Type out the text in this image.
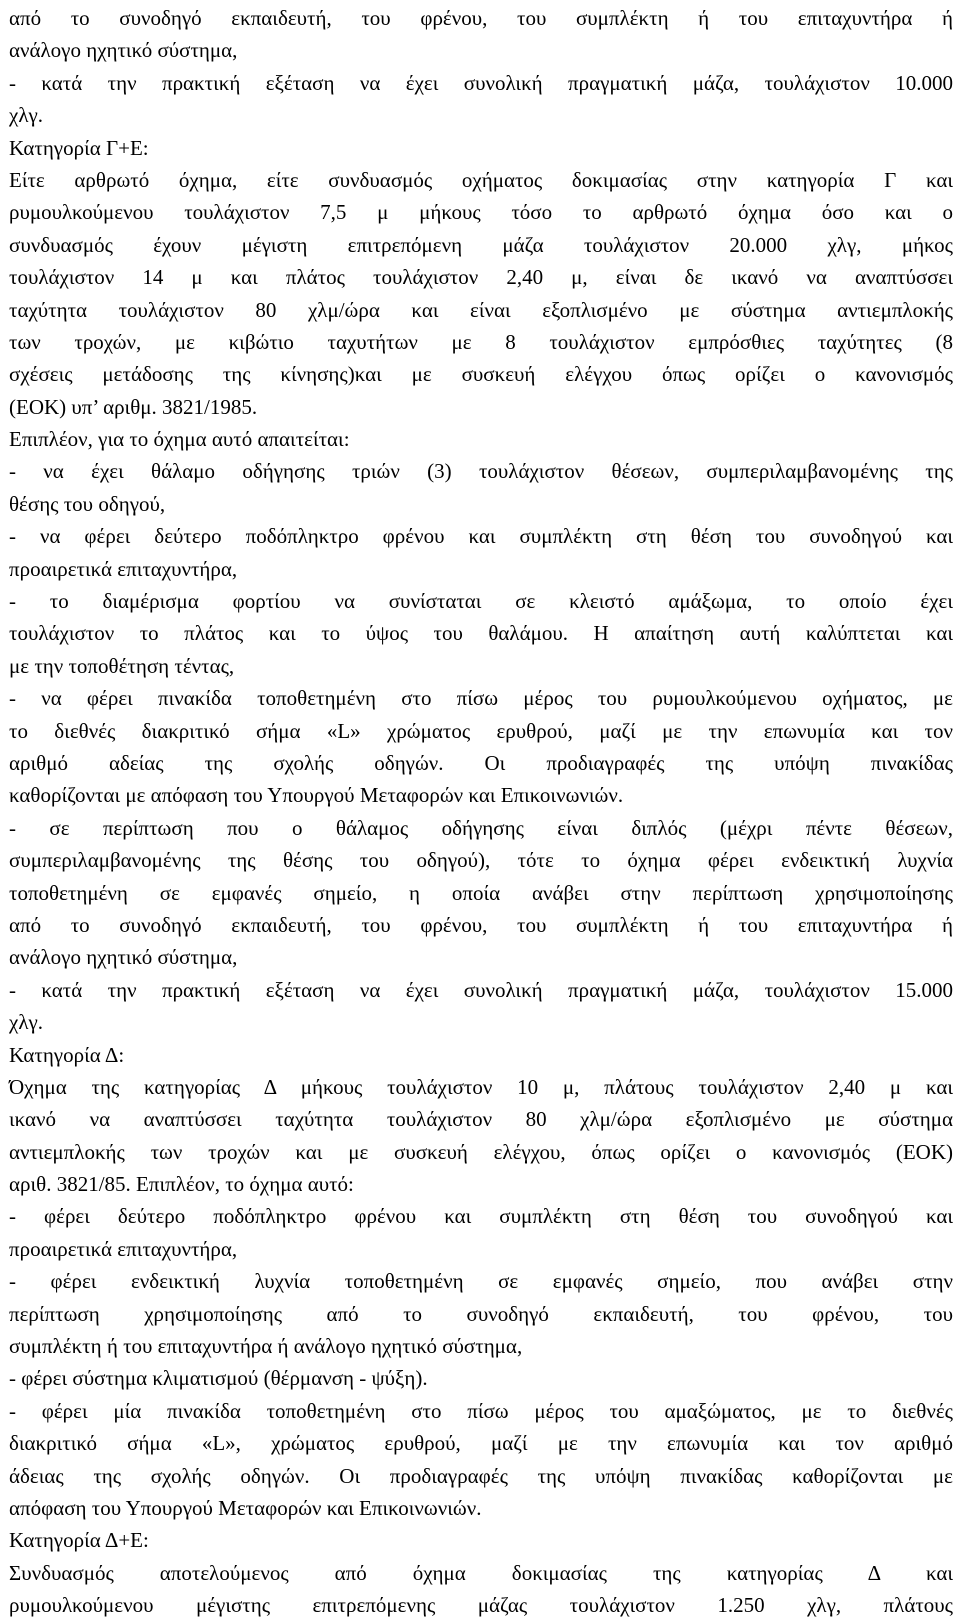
από το συνοδηγό εκπαιδευτή, του φρένου, του συμπλέκτη ή του επιταχυντήρα ή
ανάλογο ηχητικό σύστημα,
- κατά την πρακτική εξέταση να έχει συνολική πραγματική μάζα, τουλάχιστον 10.000
χλγ.
Κατηγορία Γ+Ε:
Είτε αρθρωτό όχημα, είτε συνδυασμός οχήματος δοκιμασίας στην κατηγορία Γ και
ρυμουλκούμενου τουλάχιστον 7,5 μ μήκους τόσο το αρθρωτό όχημα όσο και ο
συνδυασμός έχουν μέγιστη επιτρεπόμενη μάζα τουλάχιστον 20.000 χλγ, μήκος
τουλάχιστον 14 μ και πλάτος τουλάχιστον 2,40 μ, είναι δε ικανό να αναπτύσσει
ταχύτητα τουλάχιστον 80 χλμ/ώρα και είναι εξοπλισμένο με σύστημα αντιεμπλοκής
των τροχών, με κιβώτιο ταχυτήτων με 8 τουλάχιστον εμπρόσθιες ταχύτητες (8
σχέσεις μετάδοσης της κίνησης)και με συσκευή ελέγχου όπως ορίζει ο κανονισμός
(ΕΟΚ) υπ’ αριθμ. 3821/1985.
Επιπλέον, για το όχημα αυτό απαιτείται:
- να έχει θάλαμο οδήγησης τριών (3) τουλάχιστον θέσεων, συμπεριλαμβανομένης της
θέσης του οδηγού,
- να φέρει δεύτερο ποδόπληκτρο φρένου και συμπλέκτη στη θέση του συνοδηγού και
προαιρετικά επιταχυντήρα,
- το διαμέρισμα φορτίου να συνίσταται σε κλειστό αμάξωμα, το οποίο έχει
τουλάχιστον το πλάτος και το ύψος του θαλάμου. Η απαίτηση αυτή καλύπτεται και
με την τοποθέτηση τέντας,
- να φέρει πινακίδα τοποθετημένη στο πίσω μέρος του ρυμουλκούμενου οχήματος, με
το διεθνές διακριτικό σήμα «L» χρώματος ερυθρού, μαζί με την επωνυμία και τον
αριθμό αδείας της σχολής οδηγών. Οι προδιαγραφές της υπόψη πινακίδας
καθορίζονται με απόφαση του Υπουργού Μεταφορών και Επικοινωνιών.
- σε περίπτωση που ο θάλαμος οδήγησης είναι διπλός (μέχρι πέντε θέσεων,
συμπεριλαμβανομένης της θέσης του οδηγού), τότε το όχημα φέρει ενδεικτική λυχνία
τοποθετημένη σε εμφανές σημείο, η οποία ανάβει στην περίπτωση χρησιμοποίησης
από το συνοδηγό εκπαιδευτή, του φρένου, του συμπλέκτη ή του επιταχυντήρα ή
ανάλογο ηχητικό σύστημα,
- κατά την πρακτική εξέταση να έχει συνολική πραγματική μάζα, τουλάχιστον 15.000
χλγ.
Κατηγορία Δ:
Όχημα της κατηγορίας Δ μήκους τουλάχιστον 10 μ, πλάτους τουλάχιστον 2,40 μ και
ικανό να αναπτύσσει ταχύτητα τουλάχιστον 80 χλμ/ώρα εξοπλισμένο με σύστημα
αντιεμπλοκής των τροχών και με συσκευή ελέγχου, όπως ορίζει ο κανονισμός (ΕΟΚ)
αριθ. 3821/85. Επιπλέον, το όχημα αυτό:
- φέρει δεύτερο ποδόπληκτρο φρένου και συμπλέκτη στη θέση του συνοδηγού και
προαιρετικά επιταχυντήρα,
- φέρει ενδεικτική λυχνία τοποθετημένη σε εμφανές σημείο, που ανάβει στην
περίπτωση χρησιμοποίησης από το συνοδηγό εκπαιδευτή, του φρένου, του
συμπλέκτη ή του επιταχυντήρα ή ανάλογο ηχητικό σύστημα,
- φέρει σύστημα κλιματισμού (θέρμανση - ψύξη).
- φέρει μία πινακίδα τοποθετημένη στο πίσω μέρος του αμαξώματος, με το διεθνές
διακριτικό σήμα «L», χρώματος ερυθρού, μαζί με την επωνυμία και τον αριθμό
άδειας της σχολής οδηγών. Οι προδιαγραφές της υπόψη πινακίδας καθορίζονται με
απόφαση του Υπουργού Μεταφορών και Επικοινωνιών.
Κατηγορία Δ+Ε:
Συνδυασμός αποτελούμενος από όχημα δοκιμασίας της κατηγορίας Δ και
ρυμουλκούμενου μέγιστης επιτρεπόμενης μάζας τουλάχιστον 1.250 χλγ, πλάτους
